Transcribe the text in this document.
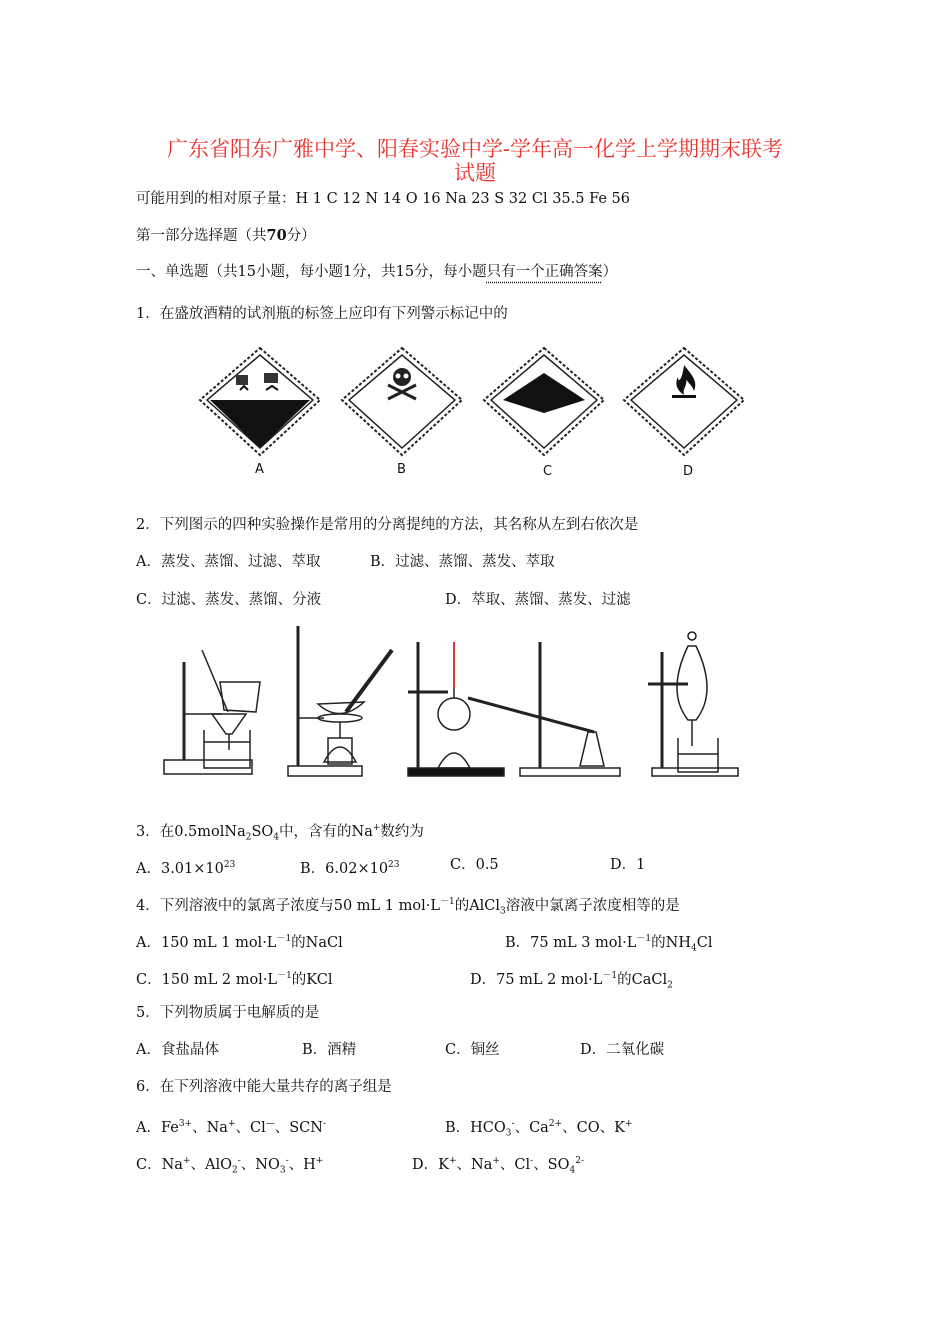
广东省阳东广雅中学、阳春实验中学-学年高一化学上学期期末联考
试题
可能用到的相对原子量：H 1 C 12 N 14 O 16 Na 23 S 32 Cl 35.5 Fe 56
第一部分选择题（共70分）
一、单选题（共15小题，每小题1分，共15分，每小题只有一个正确答案）
1．在盛放酒精的试剂瓶的标签上应印有下列警示标记中的
A	B	C	D
2．下列图示的四种实验操作是常用的分离提纯的方法，其名称从左到右依次是
A．蒸发、蒸馏、过滤、萃取	B．过滤、蒸馏、蒸发、萃取
C．过滤、蒸发、蒸馏、分液	D．萃取、蒸馏、蒸发、过滤
3．在$0.5molNa_2SO_4$中，含有的Na+数约为
A．$3.01\times 10^{23}$	B．$6.02\times 10^{23}$	C．0.5	D．1
4．下列溶液中的氯离子浓度与50 mL 1 $mol\cdot L^{-1}$的AlCl$_3$溶液中氯离子浓度相等的是
A．150 mL 1 $mol\cdot L^{-1}$的NaCl	B．75 mL 3 $mol\cdot L^{-1}$的$NH_4Cl$
C．150 mL 2 $mol\cdot L^{-1}$的KCl	D．75 mL 2 $mol\cdot L^{-1}$的CaCl$_2$
5．下列物质属于电解质的是
A．食盐晶体	B．酒精	C．铜丝	D．二氧化碳
6．在下列溶液中能大量共存的离子组是
A．$Fe^{3+}$、Na+、Cl—、SCN-	B．$HCO_3^-$、$Ca^{2+}$、CO、K+
C．Na+、AlO$_2$-、$NO_3^-$、H+	D．K+、Na+、Cl-、$SO_4^{2-}$
